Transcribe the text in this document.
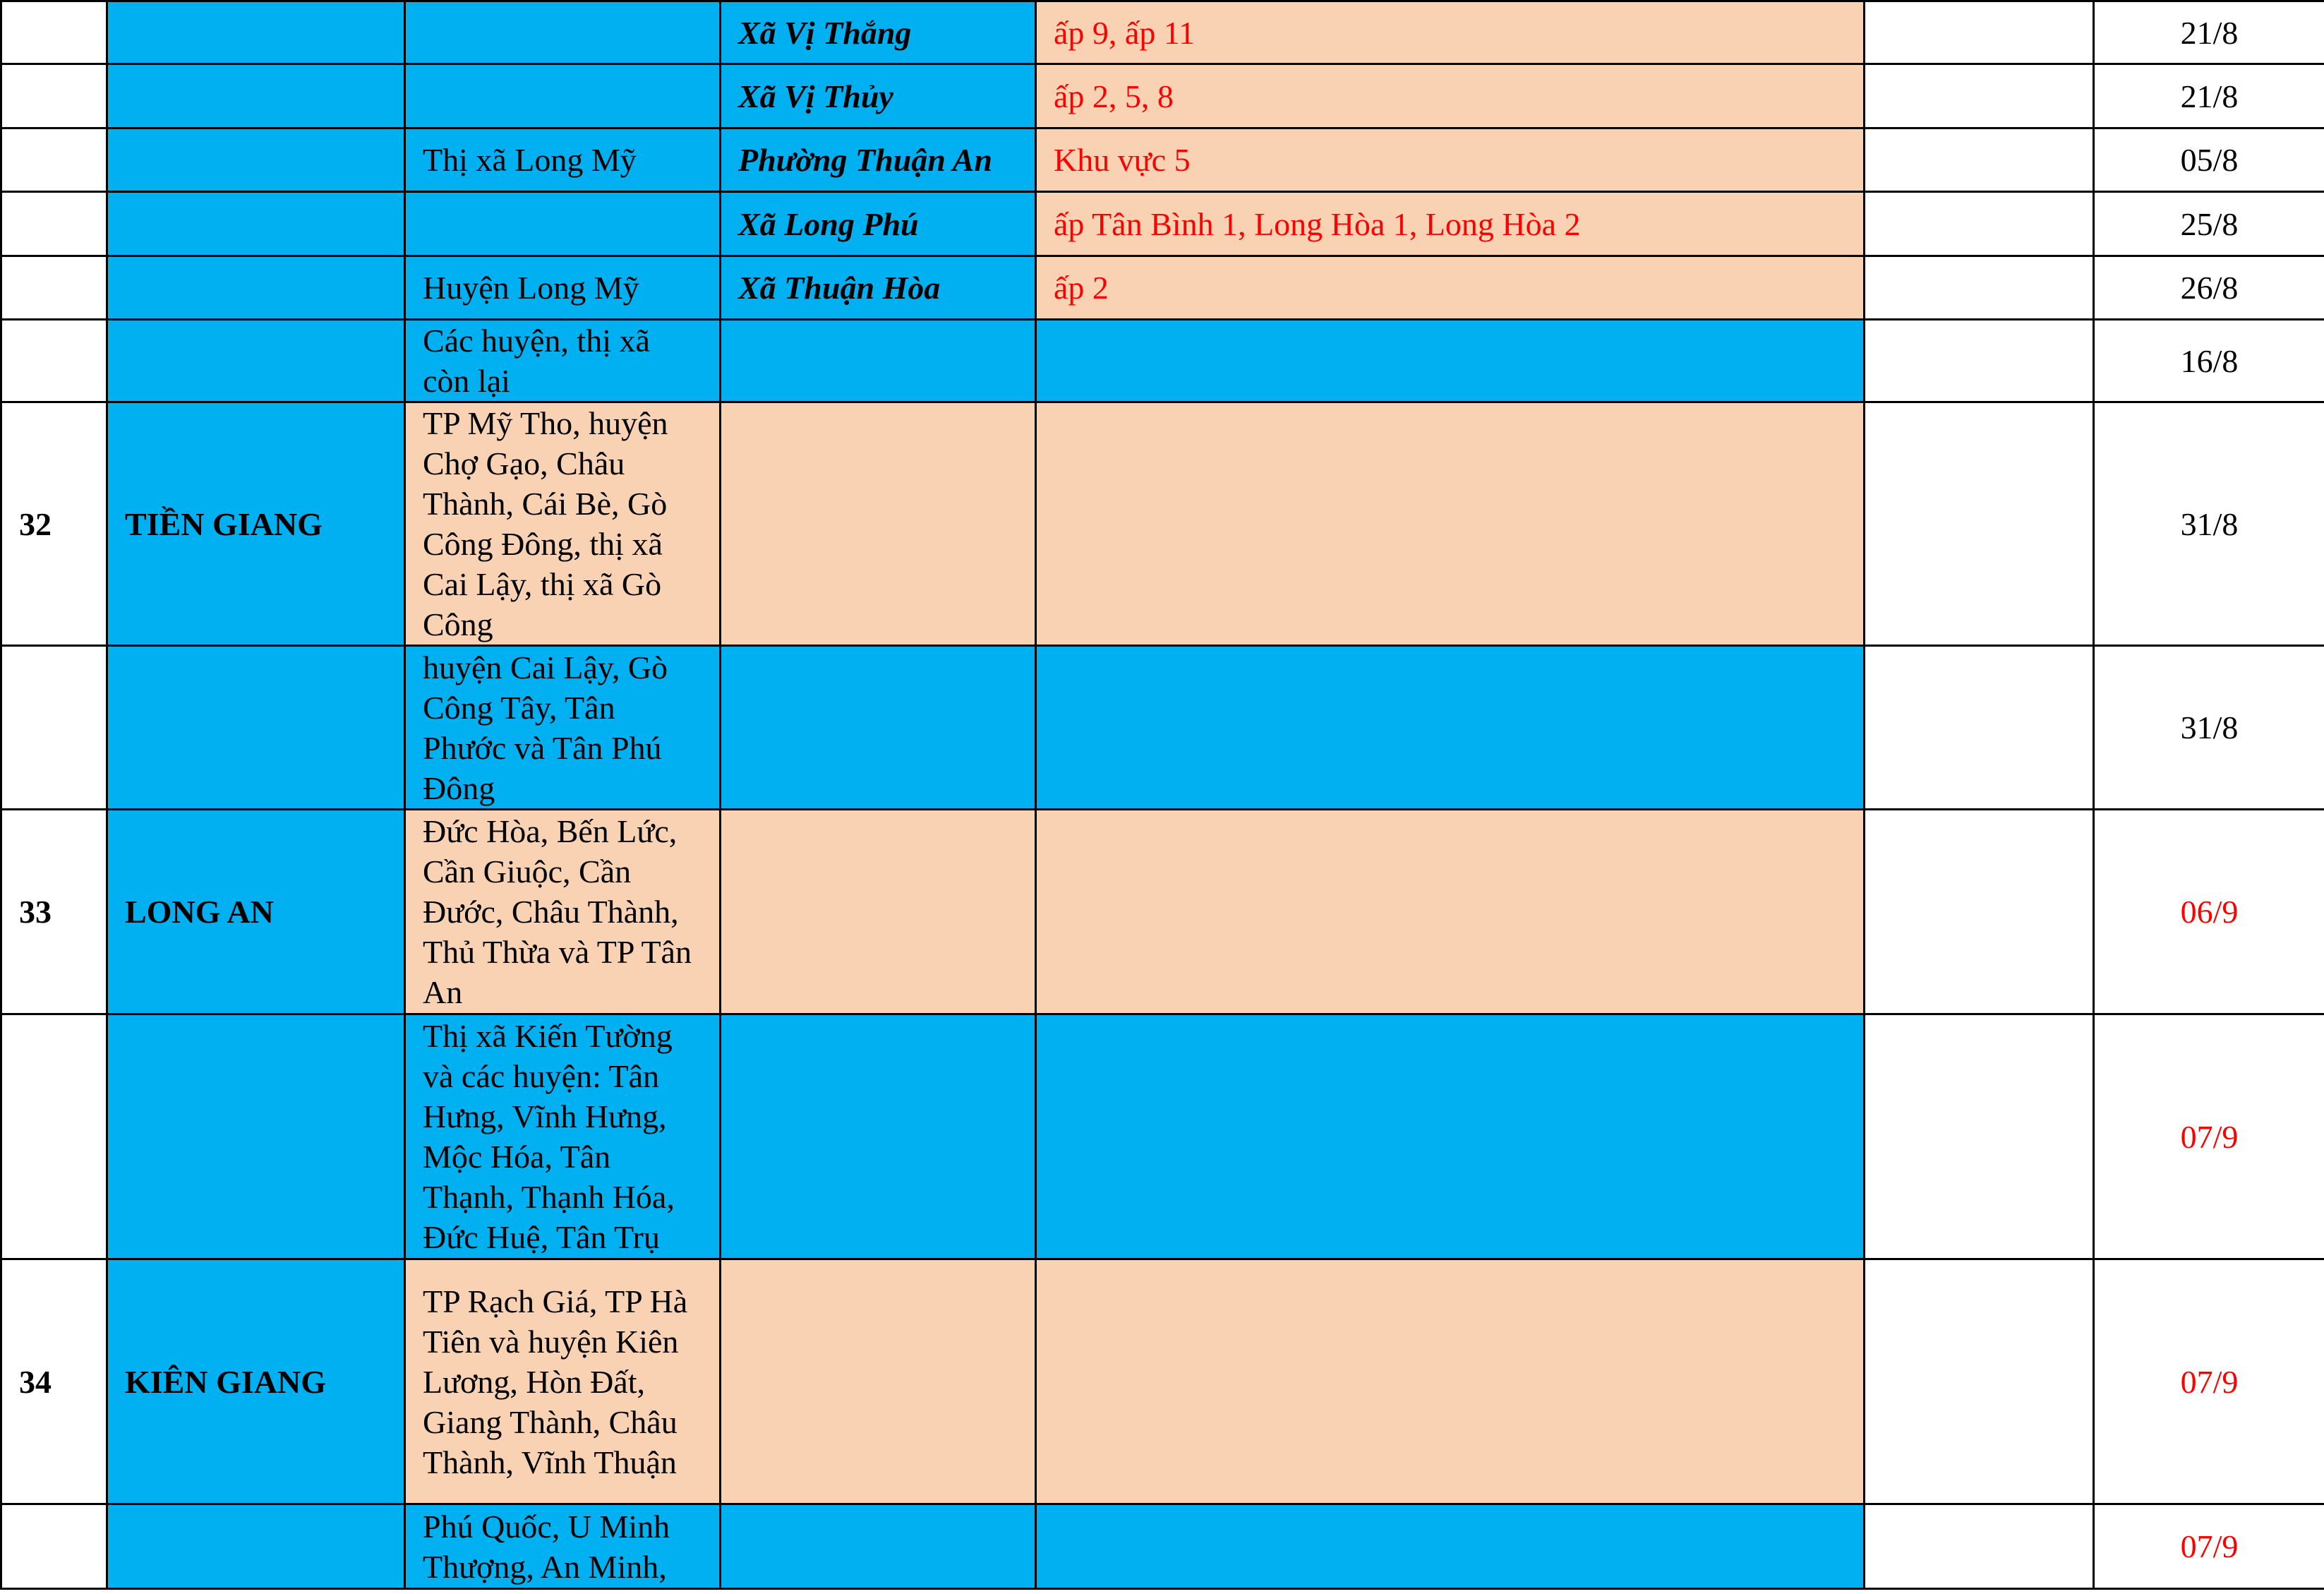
			Xã Vị Thắng	ấp 9, ấp 11		21/8
			Xã Vị Thủy	ấp 2, 5, 8		21/8
		Thị xã Long Mỹ	Phường Thuận An	Khu vực 5		05/8
			Xã Long Phú	ấp Tân Bình 1, Long Hòa 1, Long Hòa 2		25/8
		Huyện Long Mỹ	Xã Thuận Hòa	ấp 2		26/8
		Các huyện, thị xã còn lại				16/8
32	TIỀN GIANG	TP Mỹ Tho, huyện Chợ Gạo, Châu Thành, Cái Bè, Gò Công Đông, thị xã Cai Lậy, thị xã Gò Công				31/8
		huyện Cai Lậy, Gò Công Tây, Tân Phước và Tân Phú Đông				31/8
33	LONG AN	Đức Hòa, Bến Lức, Cần Giuộc, Cần Đước, Châu Thành, Thủ Thừa và TP Tân An				06/9
		Thị xã Kiến Tường và các huyện: Tân Hưng, Vĩnh Hưng, Mộc Hóa, Tân Thạnh, Thạnh Hóa, Đức Huệ, Tân Trụ				07/9
34	KIÊN GIANG	TP Rạch Giá, TP Hà Tiên và huyện Kiên Lương, Hòn Đất, Giang Thành, Châu Thành, Vĩnh Thuận				07/9
		Phú Quốc, U Minh Thượng, An Minh,				07/9
